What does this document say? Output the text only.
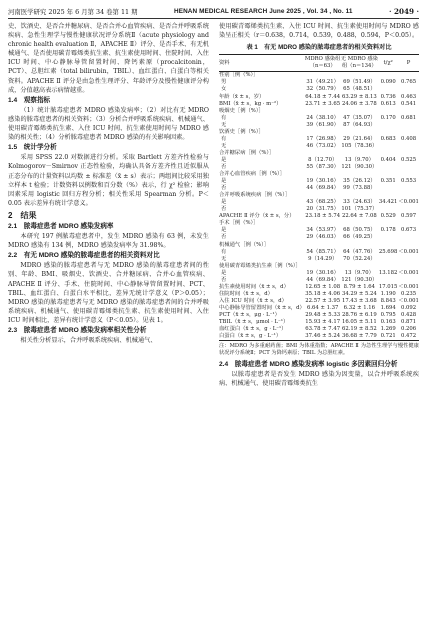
河南医学研究 2025 年 6 月第 34 卷第 11 期	HENAN MEDICAL RESEARCH June 2025 , Vol. 34 , No. 11	· 2049 ·

史、饮酒史、是否合并糖尿病、是否合并心血管疾病、是否合并呼吸系统疾病、急性生理学与慢性健康状况评分系统Ⅱ（acute physiology and chronic health evaluation Ⅱ，APACHE Ⅱ）评分、是否手术、有无机械通气、是否使用碳青霉烯类抗生素、抗生素使用时间、住院时间、入住 ICU 时间、中心静脉导管留置时间、降钙素原（procalcitonin，PCT）、总胆红素（total bilirubin，TBIL）、血红蛋白、白蛋白等相关资料。APACHE Ⅱ 评分是由急性生理评分、年龄评分及慢性健康评分构成，分值越高表示病情越重。

1.4　观察指标

（1）统计脓毒症患者 MDRO 感染发病率；（2）对比有无 MDRO 感染的脓毒症患者的相关资料；（3）分析合并呼吸系统疾病、机械通气、使用碳青霉烯类抗生素、入住 ICU 时间、抗生素使用时间与 MDRO 感染的相关性；（4）分析脓毒症患者 MDRO 感染的有关影响因素。

1.5　统计学分析

采用 SPSS 22.0 对数据进行分析。采取 Bartlett 方差齐性检验与 Kolmogorov－Smirnov 正态性检验，均确认具备方差齐性且近似服从正态分布的计量资料以均数 ± 标准差（x̄ ± s）表示；两组间比较采用独立样本 t 检验；计数资料以例数和百分数（%）表示，行 χ² 检验；影响因素采用 logistic 回归方程分析；相关性采用 Spearman 分析。P＜0.05 表示差异有统计学意义。

2　结果
2.1　脓毒症患者 MDRO 感染发病率

本研究 197 例脓毒症患者中，发生 MDRO 感染有 63 例，未发生 MDRO 感染有 134 例，MDRO 感染发病率为 31.98%。

2.2　有无 MDRO 感染的脓毒症患者的相关资料对比

MDRO 感染的脓毒症患者与无 MDRO 感染的脓毒症患者间的性别、年龄、BMI、吸烟史、饮酒史、合并糖尿病、合并心血管疾病、APACHE Ⅱ 评分、手术、住院时间、中心静脉导管留置时间、PCT、TBIL、血红蛋白、白蛋白水平相比，差异无统计学意义（P＞0.05）；MDRO 感染的脓毒症患者与无 MDRO 感染的脓毒症患者间的合并呼吸系统疾病、机械通气、使用碳青霉烯类抗生素、抗生素使用时间、入住 ICU 时间相比，差异有统计学意义（P＜0.05）。见表 1。

2.3　脓毒症患者 MDRO 感染发病率相关性分析

相关性分析显示，合并呼吸系统疾病、机械通气、

使用碳青霉烯类抗生素、入住 ICU 时间、抗生素使用时间与 MDRO 感染呈正相关（r＝0.638，0.714，0.539，0.488，0.594，P＜0.05）。

表 1　有无 MDRO 感染的脓毒症患者的相关资料对比
资料	MDRO 感染组（n＝63）	无 MDRO 感染组（n＝134）	t/χ²	P
性别［例（%）］				
男	31（49.21）	69（51.49）	0.090	0.765
女	32（50.79）	65（48.51）		
年龄（x̄ ± s，岁）	64.18 ± 7.44	63.29 ± 8.13	0.736	0.463
BMI（x̄ ± s，kg · m⁻²）	23.71 ± 3.65	24.06 ± 3.78	0.613	0.541
吸烟史［例（%）］				
有	24（38.10）	47（35.07）	0.170	0.681
无	39（61.90）	87（64.93）		
饮酒史［例（%）］				
有	17（26.98）	29（21.64）	0.683	0.408
无	46（73.02）	105（78.36）		
合并糖尿病［例（%）］				
是	8（12.70）	13（9.70）	0.404	0.525
否	55（87.30）	121（90.30）		
合并心血管疾病［例（%）］				
是	19（30.16）	35（26.12）	0.351	0.553
否	44（69.84）	99（73.88）		
合并呼吸系统疾病［例（%）］				
是	43（68.25）	33（24.63）	34.421	＜0.001
否	20（31.75）	101（75.37）		
APACHE Ⅱ 评分（x̄ ± s，分）	23.18 ± 5.74	22.64 ± 7.08	0.529	0.597
手术［例（%）］				
是	34（53.97）	68（50.75）	0.178	0.673
否	29（46.03）	66（49.25）		
机械通气［例（%）］				
有	54（85.71）	64（47.76）	25.698	＜0.001
无	9（14.29）	70（52.24）		
使用碳青霉烯类抗生素［例（%）］				
是	19（30.16）	13（9.70）	13.182	＜0.001
否	44（69.84）	121（90.30）		
抗生素使用时间（x̄ ± s，d）	12.65 ± 1.08	8.79 ± 1.64	17.015	＜0.001
住院时间（x̄ ± s，d）	35.18 ± 4.06	34.29 ± 5.24	1.190	0.235
入住 ICU 时间（x̄ ± s，d）	22.57 ± 3.95	17.43 ± 3.68	8.843	＜0.001
中心静脉导管留置时间（x̄ ± s，d）	6.64 ± 1.37	6.32 ± 1.16	1.694	0.092
PCT（x̄ ± s，μg · L⁻¹）	29.48 ± 5.33	28.76 ± 6.19	0.795	0.428
TBIL（x̄ ± s，μmol · L⁻¹）	15.93 ± 4.17	16.05 ± 5.11	0.163	0.871
血红蛋白（x̄ ± s，g · L⁻¹）	63.78 ± 7.47	62.19 ± 8.52	1.269	0.206
白蛋白（x̄ ± s，g · L⁻¹）	37.46 ± 5.24	36.68 ± 7.79	0.721	0.472
注：MDRO 为多重耐药菌；BMI 为体重指数；APACHE Ⅱ 为急性生理学与慢性健康状况评分系统Ⅱ；PCT 为降钙素原；TBIL 为总胆红素。
2.4　脓毒症患者 MDRO 感染发病率 logistic 多因素回归分析

以脓毒症患者是否发生 MDRO 感染为因变量，以合并呼吸系统疾病、机械通气、使用碳青霉烯类抗生
